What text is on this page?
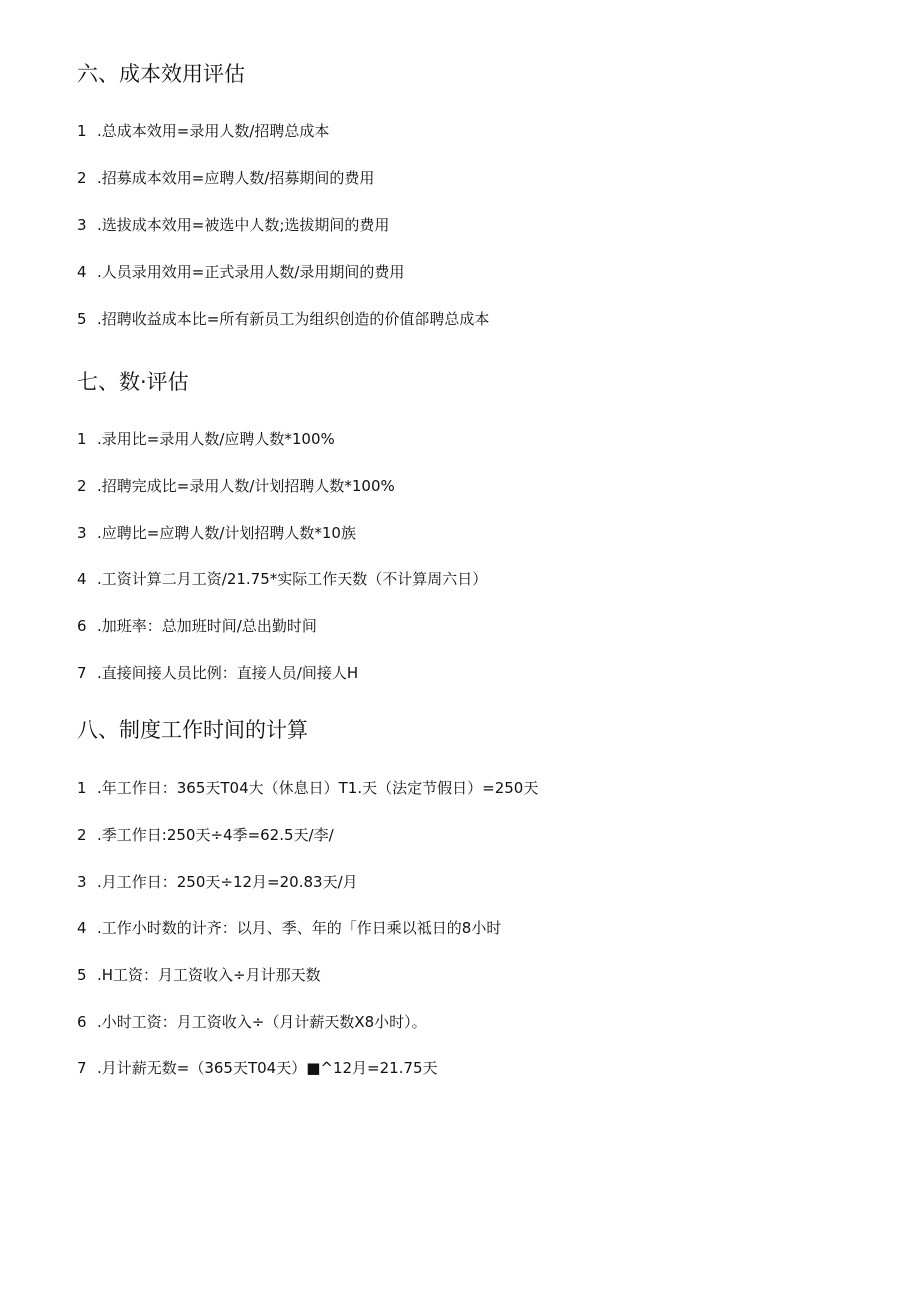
六、成本效用评估
1 .总成本效用=录用人数/招聘总成本
2 .招募成本效用=应聘人数/招募期间的费用
3 .选拔成本效用=被选中人数;选拔期间的费用
4 .人员录用效用=正式录用人数/录用期间的费用
5 .招聘收益成本比=所有新员工为组织创造的价值郃聘总成本
七、数·评估
1 .录用比=录用人数/应聘人数*100%
2 .招聘完成比=录用人数/计划招聘人数*100%
3 .应聘比=应聘人数/计划招聘人数*10族
4 .工资计算二月工资/21.75*实际工作天数（不计算周六日）
6 .加班率：总加班时间/总出勤时间
7 .直接间接人员比例：直接人员/间接人H
八、制度工作时间的计算
1 .年工作日：365天T04大（休息日）T1.天（法定节假日）=250天
2 .季工作日:250天÷4季=62.5天/李/
3 .月工作日：250天÷12月=20.83天/月
4 .工作小时数的计齐：以月、季、年的「作日乘以祗日的8小时
5 .H工资：月工资收入÷月计那天数
6 .小时工资：月工资收入÷（月计薪天数X8小时）。
7 .月计薪无数=（365天T04天）■^12月=21.75天
